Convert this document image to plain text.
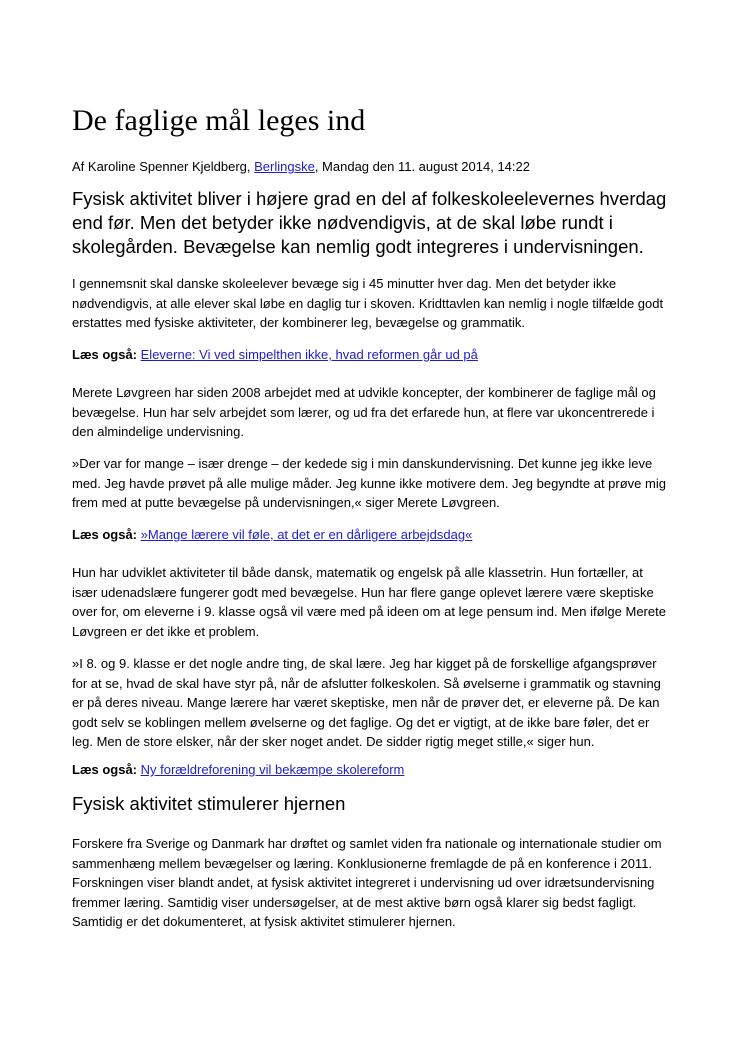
De faglige mål leges ind
Af Karoline Spenner Kjeldberg, Berlingske, Mandag den 11. august 2014, 14:22

Fysisk aktivitet bliver i højere grad en del af folkeskoleelevernes hverdag
end før. Men det betyder ikke nødvendigvis, at de skal løbe rundt i
skolegården. Bevægelse kan nemlig godt integreres i undervisningen.

I gennemsnit skal danske skoleelever bevæge sig i 45 minutter hver dag. Men det betyder ikke
nødvendigvis, at alle elever skal løbe en daglig tur i skoven. Kridttavlen kan nemlig i nogle tilfælde godt
erstattes med fysiske aktiviteter, der kombinerer leg, bevægelse og grammatik.

Læs også: Eleverne: Vi ved simpelthen ikke, hvad reformen går ud på

Merete Løvgreen har siden 2008 arbejdet med at udvikle koncepter, der kombinerer de faglige mål og
bevægelse. Hun har selv arbejdet som lærer, og ud fra det erfarede hun, at flere var ukoncentrerede i
den almindelige undervisning.

»Der var for mange – især drenge – der kedede sig i min danskundervisning. Det kunne jeg ikke leve
med. Jeg havde prøvet på alle mulige måder. Jeg kunne ikke motivere dem. Jeg begyndte at prøve mig
frem med at putte bevægelse på undervisningen,« siger Merete Løvgreen.

Læs også: »Mange lærere vil føle, at det er en dårligere arbejdsdag«

Hun har udviklet aktiviteter til både dansk, matematik og engelsk på alle klassetrin. Hun fortæller, at
især udenadslære fungerer godt med bevægelse. Hun har flere gange oplevet lærere være skeptiske
over for, om eleverne i 9. klasse også vil være med på ideen om at lege pensum ind. Men ifølge Merete
Løvgreen er det ikke et problem.

»I 8. og 9. klasse er det nogle andre ting, de skal lære. Jeg har kigget på de forskellige afgangsprøver
for at se, hvad de skal have styr på, når de afslutter folkeskolen. Så øvelserne i grammatik og stavning
er på deres niveau. Mange lærere har været skeptiske, men når de prøver det, er eleverne på. De kan
godt selv se koblingen mellem øvelserne og det faglige. Og det er vigtigt, at de ikke bare føler, det er
leg. Men de store elsker, når der sker noget andet. De sidder rigtig meget stille,« siger hun.

Læs også: Ny forældreforening vil bekæmpe skolereform

Fysisk aktivitet stimulerer hjernen

Forskere fra Sverige og Danmark har drøftet og samlet viden fra nationale og internationale studier om
sammenhæng mellem bevægelser og læring. Konklusionerne fremlagde de på en konference i 2011.
Forskningen viser blandt andet, at fysisk aktivitet integreret i undervisning ud over idrætsundervisning
fremmer læring. Samtidig viser undersøgelser, at de mest aktive børn også klarer sig bedst fagligt.
Samtidig er det dokumenteret, at fysisk aktivitet stimulerer hjernen.
